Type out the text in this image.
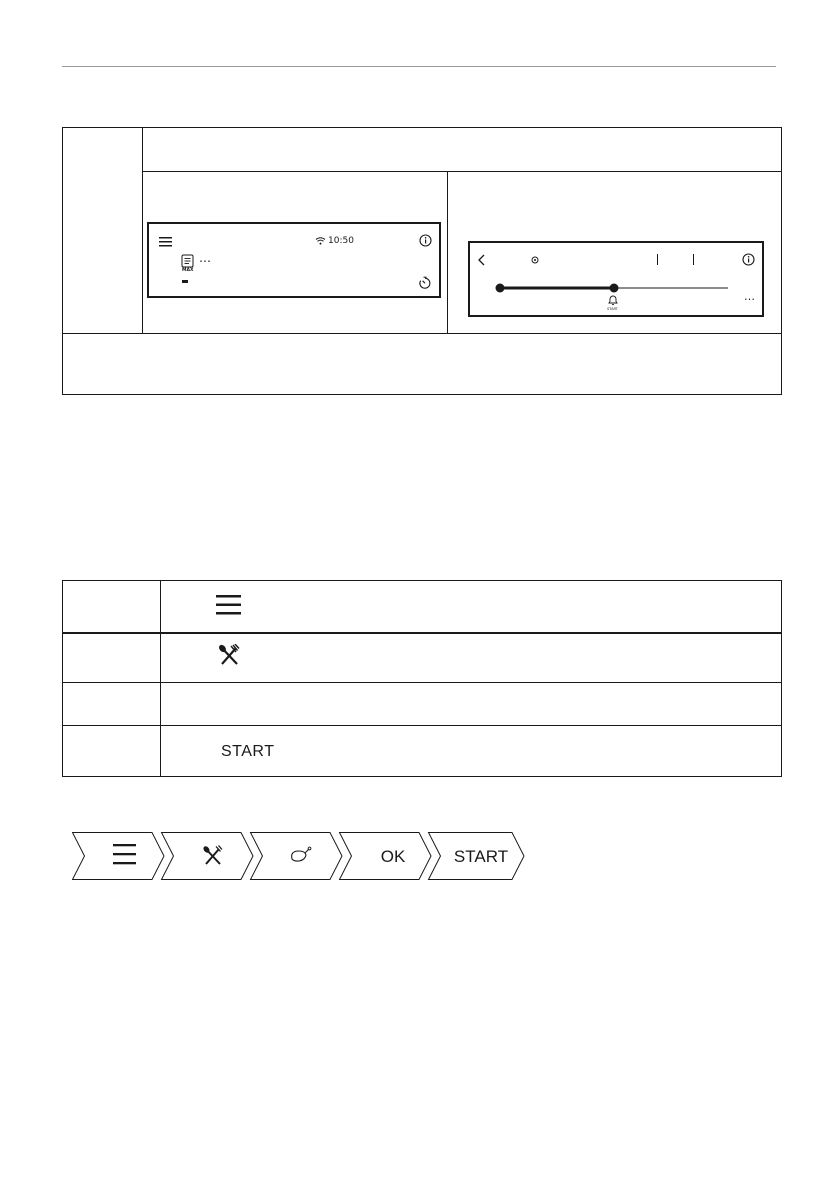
10:50
MAX
…
START
…
START
OK	START
